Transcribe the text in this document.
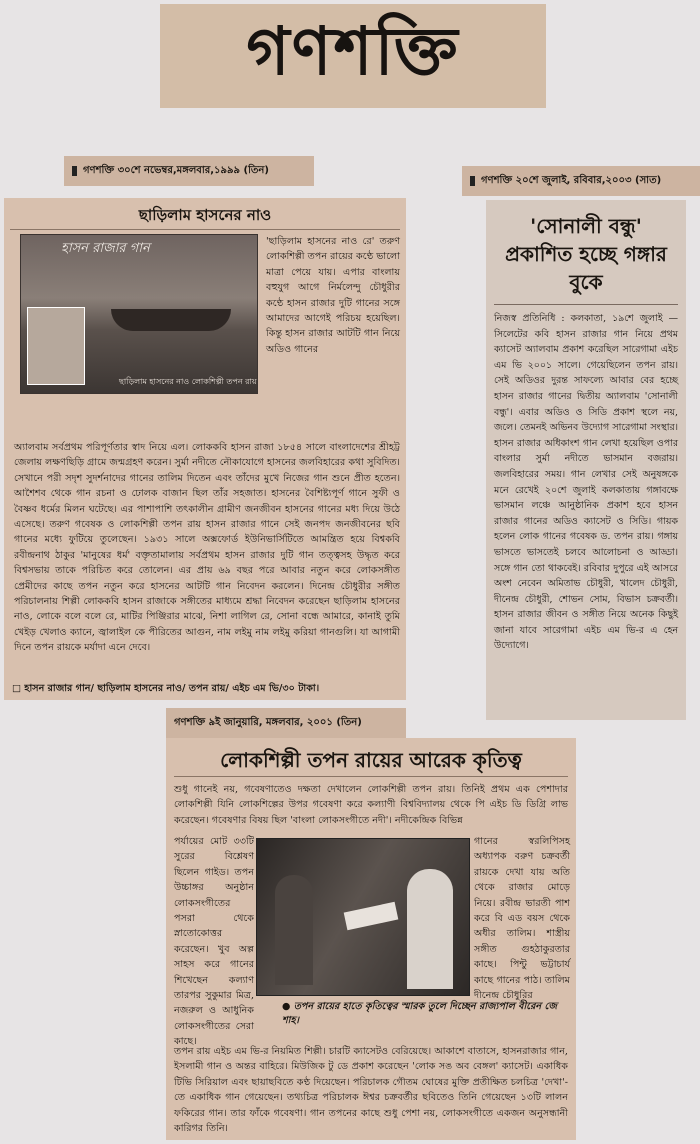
গণশক্তি
গণশক্তি ৩০শে নভেম্বর,মঙ্গলবার,১৯৯৯ (তিন)
গণশক্তি ২০শে জুলাই, রবিবার,২০০৩ (সাত)
গণশক্তি ৯ই জানুয়ারি, মঙ্গলবার, ২০০১ (তিন)
ছাড়িলাম হাসনের নাও
হাসন রাজার গান
ছাড়িলাম হাসনের নাও লোকশিল্পী তপন রায়

'ছাড়িলাম হাসনের নাও রে' তরুণ লোকশিল্পী তপন রায়ের কণ্ঠে ভালো মাত্রা পেয়ে যায়। এপার বাংলায় বহুযুগ আগে নির্মলেন্দু চৌধুরীর কণ্ঠে হাসন রাজার দুটি গানের সঙ্গে আমাদের আগেই পরিচয় হয়েছিল। কিন্তু হাসন রাজার আটটি গান নিয়ে অডিও গানের

অ্যালবাম সর্বপ্রথম পরিপূর্ণতার স্বাদ নিয়ে এল। লোককবি হাসন রাজা ১৮৫৪ সালে বাংলাদেশের শ্রীহট্ট জেলায় লক্ষণছিড়ি গ্রামে জন্মগ্রহণ করেন। সুর্মা নদীতে নৌকাযোগে হাসনের জলবিহারের কথা সুবিদিত। সেখানে পরী সদৃশ সুদর্শনাদের গানের তালিম দিতেন এবং তাঁদের মুখে নিজের গান শুনে প্রীত হতেন। আশৈশব থেকে গান রচনা ও ঢোলক বাজান ছিল তাঁর সহজাত। হাসনের বৈশিষ্ট্যপূর্ণ গানে সুফী ও বৈষ্ণব ধর্মের মিলন ঘটেছে। এর পাশাপাশি তৎকালীন গ্রামীণ জনজীবন হাসনের গানের মধ্য দিয়ে উঠে এসেছে। তরুণ গবেষক ও লোকশিল্পী তপন রায় হাসন রাজার গানে সেই জনপদ জনজীবনের ছবি গানের মধ্যে ফুটিয়ে তুলেছেন। ১৯৩১ সালে অক্সফোর্ড ইউনিভার্সিটিতে আমন্ত্রিত হয়ে বিশ্বকবি রবীন্দ্রনাথ ঠাকুর 'মানুষের ধর্ম' বক্তৃতামালায় সর্বপ্রথম হাসন রাজার দুটি গান তত্ত্বসহ উদ্ধৃত করে বিশ্বসভায় তাকে পরিচিত করে তোলেন। এর প্রায় ৬৯ বছর পরে আবার নতুন করে লোকসঙ্গীত প্রেমীদের কাছে তপন নতুন করে হাসনের আটটি গান নিবেদন করলেন। দিনেন্দ্র চৌধুরীর সঙ্গীত পরিচালনায় শিল্পী লোককবি হাসন রাজাকে সঙ্গীতের মাধ্যমে শ্রদ্ধা নিবেদন করেছেন ছাড়িলাম হাসনের নাও, লোকে বলে বলে রে, মাটির পিঞ্জিরার মাঝে, নিশা লাগিল রে, সোনা বন্ধে আমারে, কানাই তুমি খেইড় খেলাও ক্যানে, জ্বালাইল কে পীরিতের আগুন, নাম লইমু নাম লইমু করিয়া গানগুলি। যা আগামী দিনে তপন রায়কে মর্যাদা এনে দেবে।

□ হাসন রাজার গান/ ছাড়িলাম হাসনের নাও/ তপন রায়/ এইচ এম ভি/৩০ টাকা।
'সোনালী বন্ধু' প্রকাশিত হচ্ছে গঙ্গার বুকে

নিজস্ব প্রতিনিধি : কলকাতা, ১৯শে জুলাই — সিলেটের কবি হাসন রাজার গান নিয়ে প্রথম ক্যাসেট অ্যালবাম প্রকাশ করেছিল সারেগামা এইচ এম ভি ২০০১ সালে। গেয়েছিলেন তপন রায়। সেই অডিওর দুরন্ত সাফল্যে আবার বের হচ্ছে হাসন রাজার গানের দ্বিতীয় অ্যালবাম 'সোনালী বন্ধু'। এবার অডিও ও সিডি প্রকাশ স্থলে নয়, জলে। তেমনই অভিনব উদ্যোগ সারেগামা সংস্থার। হাসন রাজার অধিকাংশ গান লেখা হয়েছিল ওপার বাংলার সুর্মা নদীতে ভাসমান বজরায়। জলবিহারের সময়। গান লেখার সেই অনুষঙ্গকে মনে রেখেই ২০শে জুলাই কলকাতায় গঙ্গাবক্ষে ভাসমান লঞ্চে আনুষ্ঠানিক প্রকাশ হবে হাসন রাজার গানের অডিও ক্যাসেট ও সিডি। গায়ক হলেন লোক গানের গবেষক ড. তপন রায়। গঙ্গায় ভাসতে ভাসতেই চলবে আলোচনা ও আড্ডা। সঙ্গে গান তো থাকবেই। রবিবার দুপুরে এই আসরে অংশ নেবেন অমিতাভ চৌধুরী, খালেদ চৌধুরী, দীনেন্দ্র চৌধুরী, শোভন সোম, বিভাস চক্রবর্তী। হাসন রাজার জীবন ও সঙ্গীত নিয়ে অনেক কিছুই জানা যাবে সারেগামা এইচ এম ভি-র এ হেন উদ্যোগে।

লোকশিল্পী তপন রায়ের আরেক কৃতিত্ব

শুধু গানেই নয়, গবেষণাতেও দক্ষতা দেখালেন লোকশিল্পী তপন রায়। তিনিই প্রথম এক পেশাদার লোকশিল্পী যিনি লোকশিল্পের উপর গবেষণা করে কল্যাণী বিশ্ববিদ্যালয় থেকে পি এইচ ডি ডিগ্রি লাভ করেছেন। গবেষণার বিষয় ছিল 'বাংলা লোকসংগীতে নদী'। নদীকেন্দ্রিক বিভিন্ন

পর্যায়ের মোট ৩৩টি সুরের বিশ্লেষণ ছিলেন গাইড। তপন উচ্চাঙ্গর অনুষ্ঠান লোকসংগীতের পসরা থেকে স্নাতোকোত্তর করেছেন। খুব অল্প সাহস করে গানের শিখেছেন কল্যাণ তারপর সুকুমার মিত্র, নজরুল ও আধুনিক লোকসংগীতের সেরা কাছে।

গানের স্বরলিপিসহ অধ্যাপক বরুণ চক্রবর্তী রায়কে দেখা যায় অতি থেকে রাজার মোড়ে নিয়ে। রবীন্দ্র ভারতী পাশ করে বি এড বয়স থেকে অধীর তালিম। শাস্ত্রীয় সঙ্গীত গুহঠাকুরতার কাছে। পিন্টু ভট্টাচার্য কাছে গানের পাঠ। তালিম দীনেন্দ্র চৌধুরির

● তপন রায়ের হাতে কৃতিত্বের স্মারক তুলে দিচ্ছেন রাজ্যপাল বীরেন জে শাহ।

তপন রায় এইচ এম ভি-র নিয়মিত শিল্পী। চারটি ক্যাসেটও বেরিয়েছে। আকাশে বাতাসে, হাসনরাজার গান, ইসলামী গান ও অন্তর বাহিরে। মিউজিক টু ডে প্রকাশ করেছেন 'লোক সঙ অব বেঙ্গল' ক্যাসেট। একাধিক টিভি সিরিয়াল এবং ছায়াছবিতে কণ্ঠ দিয়েছেন। পরিচালক গৌতম ঘোষের মুক্তি প্রতীক্ষিত চলচিত্র 'দেখা'-তে একাধিক গান গেয়েছেন। তথ্যচিত্র পরিচালক ঈশ্বর চক্রবর্তীর ছবিতেও তিনি গেয়েছেন ১৩টি লালন ফকিরের গান। তার ফাঁকে গবেষণা। গান তপনের কাছে শুধু পেশা নয়, লোকসংগীতে একজন অনুসন্ধানী কারিগর তিনি।
